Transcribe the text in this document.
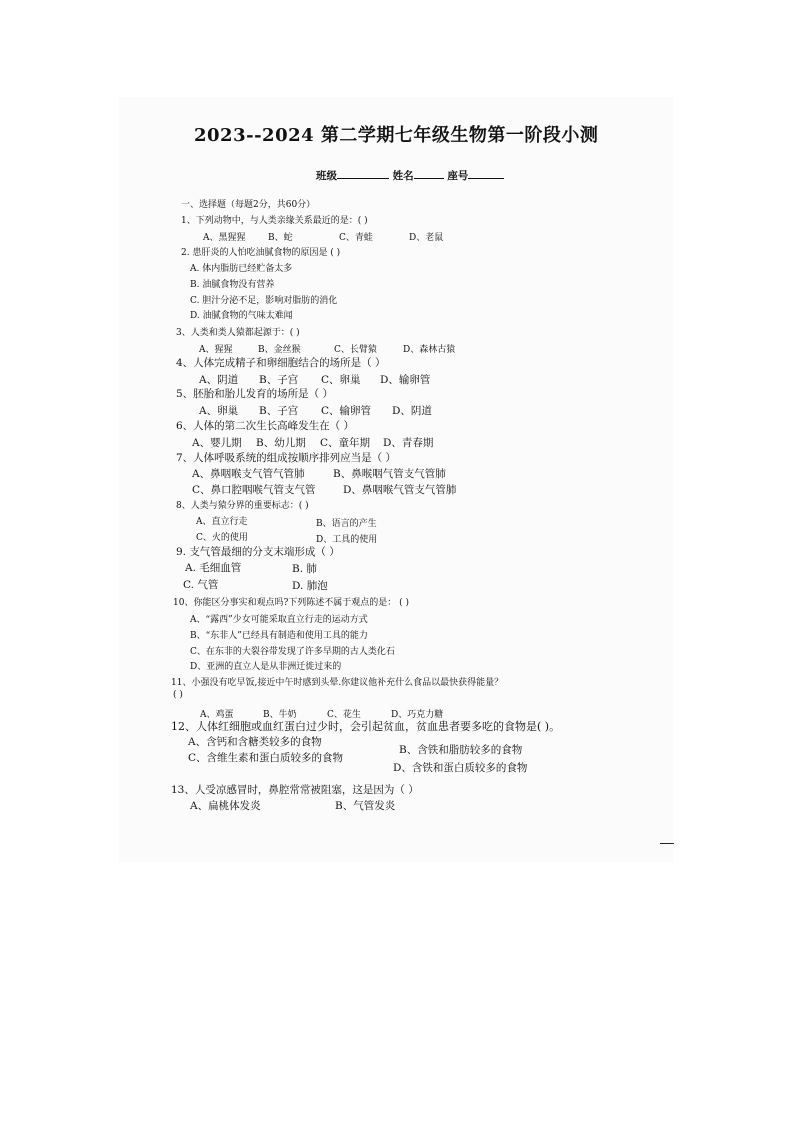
2023--2024 第二学期七年级生物第一阶段小测
班级	姓名	座号
一、选择题（每题2分，共60分）
1、下列动物中，与人类亲缘关系最近的是：( )
A、黑猩猩	B、蛇	C、青蛙	D、老鼠
2. 患肝炎的人怕吃油腻食物的原因是 ( )
A. 体内脂肪已经贮备太多
B. 油腻食物没有营养
C. 胆汁分泌不足，影响对脂肪的消化
D. 油腻食物的气味太难闻
3、人类和类人猿都起源于：( )
A、猩猩	B、金丝猴	C、长臂猿	D、森林古猿
4、人体完成精子和卵细胞结合的场所是（ ）
A、阴道 B、子宫 C、卵巢 D、输卵管
5、胚胎和胎儿发育的场所是（ ）
A、卵巢 B、子宫 C、输卵管 D、阴道
6、人体的第二次生长高峰发生在（ ）
A、婴儿期 B、幼儿期 C、童年期 D、青春期
7、人体呼吸系统的组成按顺序排列应当是（ ）
A、鼻咽喉支气管气管肺	B、鼻喉咽气管支气管肺
C、鼻口腔咽喉气管支气管	D、鼻咽喉气管支气管肺
8、人类与猿分界的重要标志：( )
A、直立行走	B、语言的产生
C、火的使用	D、工具的使用
9. 支气管最细的分支末端形成（ ）
A. 毛细血管	B. 肺
C. 气管	D. 肺泡
10、你能区分事实和观点吗?下列陈述不属于观点的是： ( )
A、“露西”少女可能采取直立行走的运动方式
B、“东非人”已经具有制造和使用工具的能力
C、在东非的大裂谷带发现了许多早期的古人类化石
D、亚洲的直立人是从非洲迁徙过来的
11、小强没有吃早饭,接近中午时感到头晕.你建议他补充什么食品以最快获得能量？
( )
A、鸡蛋	B、牛奶	C、花生	D、巧克力糖
12、人体红细胞或血红蛋白过少时，会引起贫血，贫血患者要多吃的食物是( )。
A、含钙和含糖类较多的食物
B、含铁和脂肪较多的食物
C、含维生素和蛋白质较多的食物
D、含铁和蛋白质较多的食物
13、人受凉感冒时，鼻腔常常被阻塞，这是因为（ ）
A、扁桃体发炎	B、气管发炎
